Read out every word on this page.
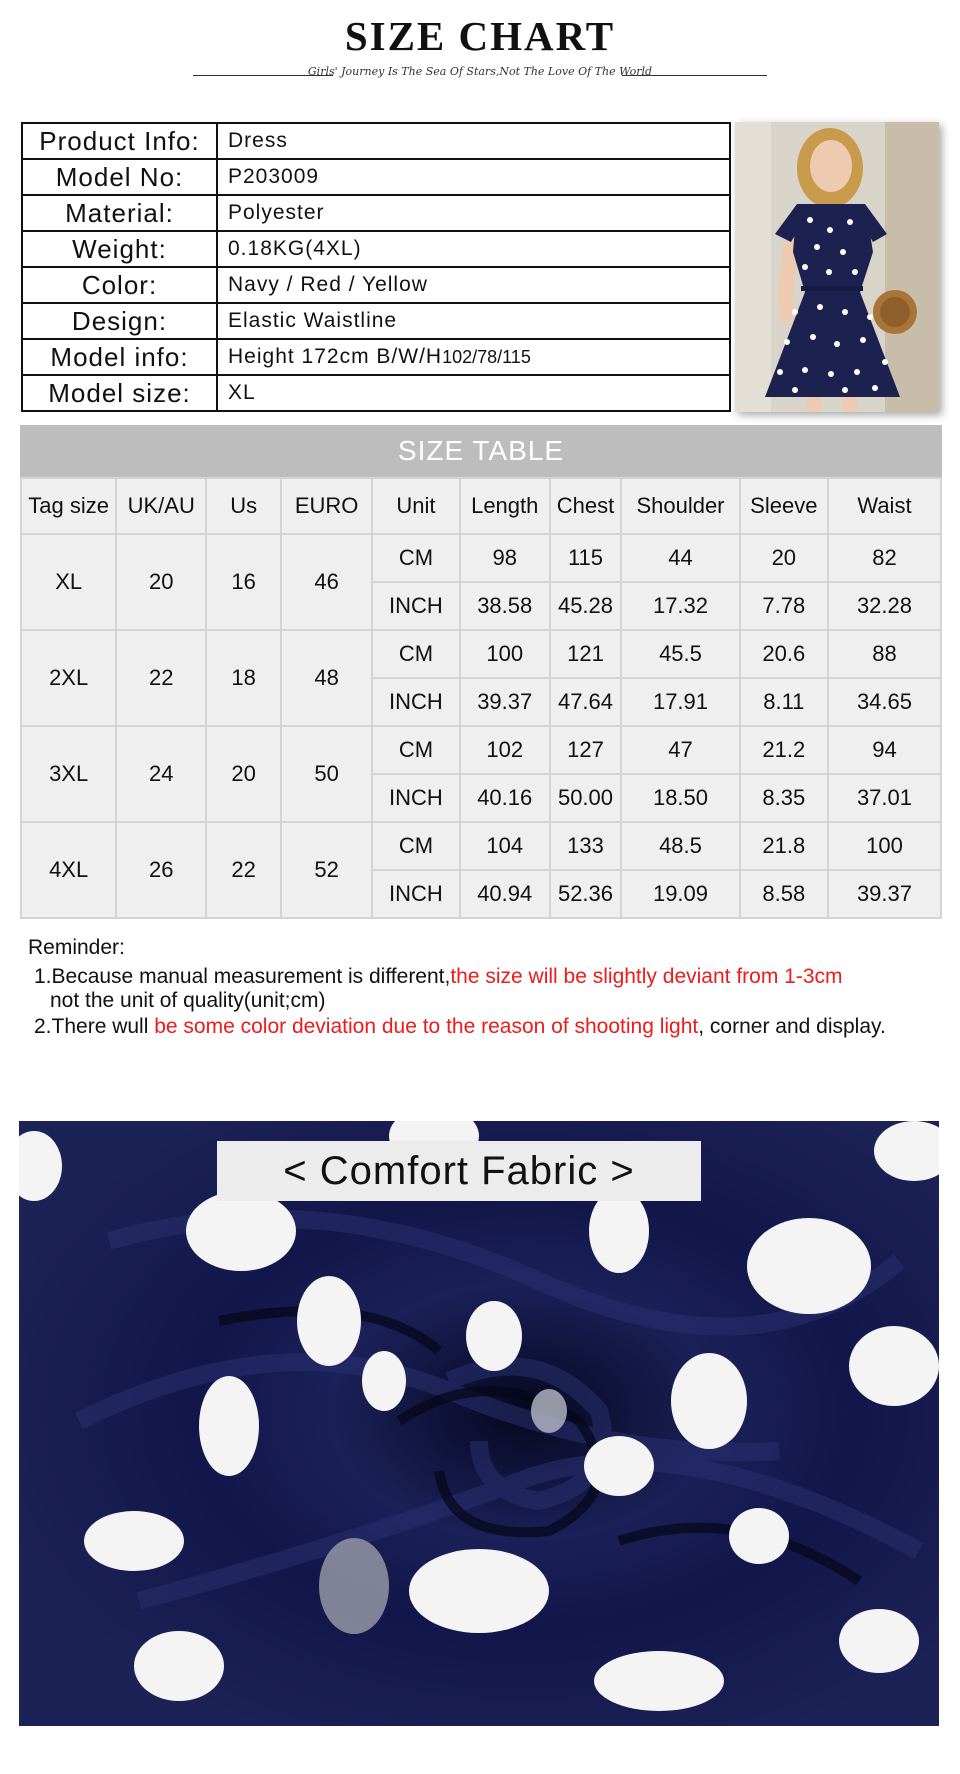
SIZE CHART
Girls' Journey Is The Sea Of Stars,Not The Love Of The World
Product Info:	Dress
Model No:	P203009
Material:	Polyester
Weight:	0.18KG(4XL)
Color:	Navy / Red / Yellow
Design:	Elastic Waistline
Model info:	Height 172cm B/W/H102/78/115
Model size:	XL
SIZE TABLE
Tag size	UK/AU	Us	EURO	Unit	Length	Chest	Shoulder	Sleeve	Waist
XL	20	16	46	CM	98	115	44	20	82
				INCH	38.58	45.28	17.32	7.78	32.28
2XL	22	18	48	CM	100	121	45.5	20.6	88
				INCH	39.37	47.64	17.91	8.11	34.65
3XL	24	20	50	CM	102	127	47	21.2	94
				INCH	40.16	50.00	18.50	8.35	37.01
4XL	26	22	52	CM	104	133	48.5	21.8	100
				INCH	40.94	52.36	19.09	8.58	39.37
Reminder:
1.Because manual measurement is different,the size will be slightly deviant from 1-3cm
not the unit of quality(unit;cm)
2.There wull be some color deviation due to the reason of shooting light, corner and display.
< Comfort Fabric >
